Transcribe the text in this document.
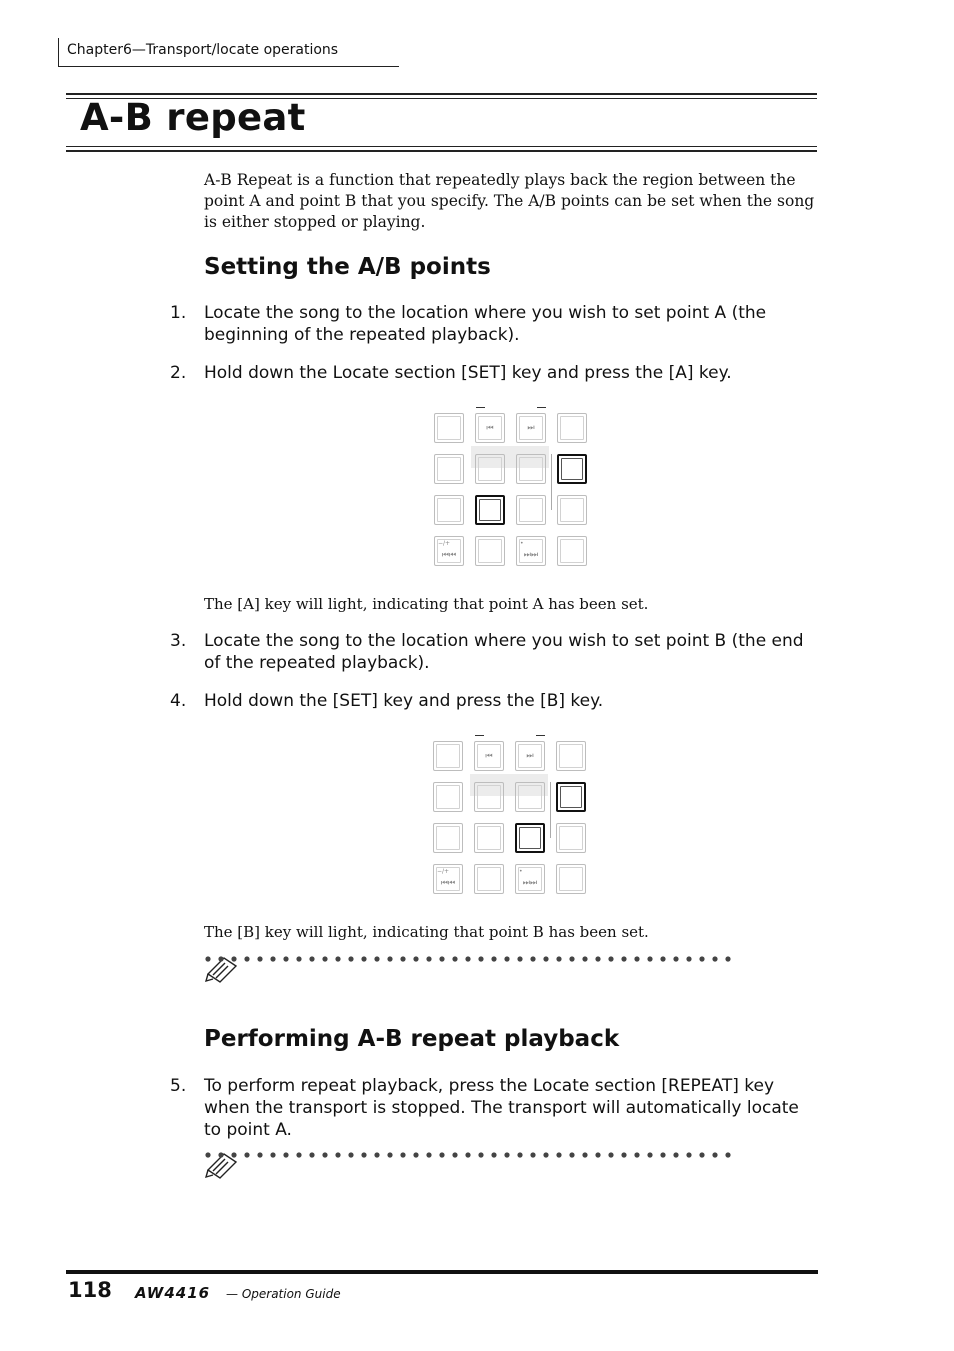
Chapter6—Transport/locate operations
A-B repeat
A-B Repeat is a function that repeatedly plays back the region between the point A and point B that you specify. The A/B points can be set when the song is either stopped or playing.
Setting the A/B points
1.	Locate the song to the location where you wish to set point A (the beginning of the repeated playback).
2.	Hold down the Locate section [SET] key and press the [A] key.
⏮	⏭
−/+
⏮⏮
•
⏭⏭
The [A] key will light, indicating that point A has been set.
3.	Locate the song to the location where you wish to set point B (the end of the repeated playback).
4.	Hold down the [SET] key and press the [B] key.
⏮	⏭
−/+
⏮⏮
•
⏭⏭
The [B] key will light, indicating that point B has been set.
Performing A-B repeat playback
5.	To perform repeat playback, press the Locate section [REPEAT] key when the transport is stopped. The transport will automatically locate to point A.
118 AW4416 — Operation Guide
